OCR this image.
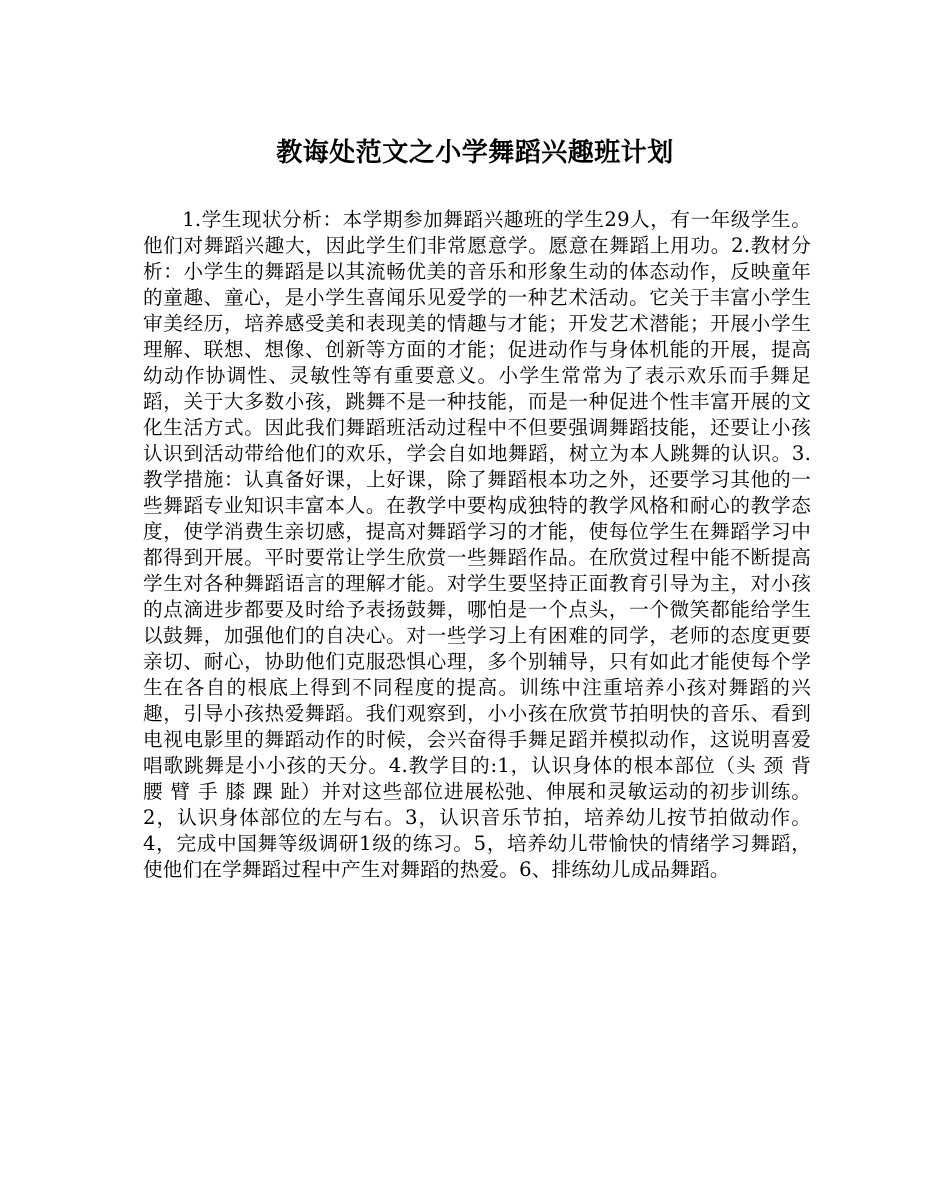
教诲处范文之小学舞蹈兴趣班计划
1.学生现状分析：本学期参加舞蹈兴趣班的学生29人，有一年级学生。他们对舞蹈兴趣大，因此学生们非常愿意学。愿意在舞蹈上用功。2.教材分析：小学生的舞蹈是以其流畅优美的音乐和形象生动的体态动作，反映童年的童趣、童心，是小学生喜闻乐见爱学的一种艺术活动。它关于丰富小学生审美经历，培养感受美和表现美的情趣与才能；开发艺术潜能；开展小学生理解、联想、想像、创新等方面的才能；促进动作与身体机能的开展，提高幼动作协调性、灵敏性等有重要意义。小学生常常为了表示欢乐而手舞足蹈，关于大多数小孩，跳舞不是一种技能，而是一种促进个性丰富开展的文化生活方式。因此我们舞蹈班活动过程中不但要强调舞蹈技能，还要让小孩认识到活动带给他们的欢乐，学会自如地舞蹈，树立为本人跳舞的认识。3.教学措施：认真备好课，上好课，除了舞蹈根本功之外，还要学习其他的一些舞蹈专业知识丰富本人。在教学中要构成独特的教学风格和耐心的教学态度，使学消费生亲切感，提高对舞蹈学习的才能，使每位学生在舞蹈学习中都得到开展。平时要常让学生欣赏一些舞蹈作品。在欣赏过程中能不断提高学生对各种舞蹈语言的理解才能。对学生要坚持正面教育引导为主，对小孩的点滴进步都要及时给予表扬鼓舞，哪怕是一个点头，一个微笑都能给学生以鼓舞，加强他们的自决心。对一些学习上有困难的同学，老师的态度更要亲切、耐心，协助他们克服恐惧心理，多个别辅导，只有如此才能使每个学生在各自的根底上得到不同程度的提高。训练中注重培养小孩对舞蹈的兴趣，引导小孩热爱舞蹈。我们观察到，小小孩在欣赏节拍明快的音乐、看到电视电影里的舞蹈动作的时候，会兴奋得手舞足蹈并模拟动作，这说明喜爱唱歌跳舞是小小孩的天分。4.教学目的:1，认识身体的根本部位（头 颈 背 腰 臂 手 膝 踝 趾）并对这些部位进展松弛、伸展和灵敏运动的初步训练。2，认识身体部位的左与右。3，认识音乐节拍，培养幼儿按节拍做动作。4，完成中国舞等级调研1级的练习。5，培养幼儿带愉快的情绪学习舞蹈，使他们在学舞蹈过程中产生对舞蹈的热爱。6、排练幼儿成品舞蹈。
